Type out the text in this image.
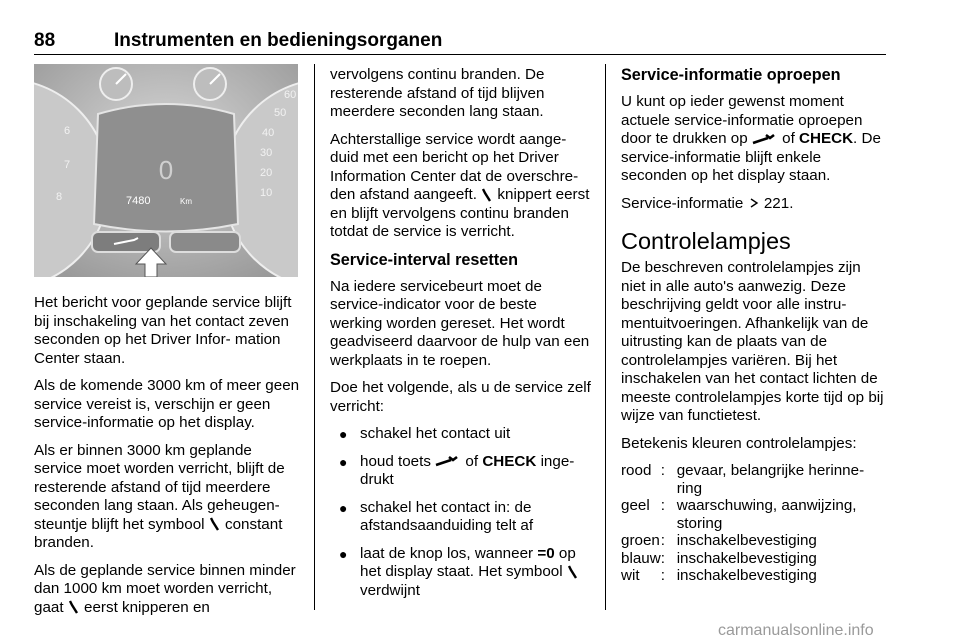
88	Instrumenten en bedieningsorganen
6
7
8
40
30
20
10
50
60
0
7480	Km

Het bericht voor geplande service blijft bij inschakeling van het contact zeven seconden op het Driver Infor- mation Center staan.

Als de komende 3000 km of meer geen service vereist is, verschijn er geen service-informatie op het display.

Als er binnen 3000 km geplande service moet worden verricht, blijft de resterende afstand of tijd meerdere seconden lang staan. Als geheugen- steuntje blijft het symbool constant branden.

Als de geplande service binnen minder dan 1000 km moet worden verricht, gaat eerst knipperen en

vervolgens continu branden. De resterende afstand of tijd blijven meerdere seconden lang staan.

Achterstallige service wordt aange- duid met een bericht op het Driver Information Center dat de overschre- den afstand aangeeft. knippert eerst en blijft vervolgens continu branden totdat de service is verricht.

Service-interval resetten

Na iedere servicebeurt moet de service-indicator voor de beste werking worden gereset. Het wordt geadviseerd daarvoor de hulp van een werkplaats in te roepen.

Doe het volgende, als u de service zelf verricht:

● schakel het contact uit
● houd toets of CHECK inge- drukt
● schakel het contact in: de afstandsaanduiding telt af
● laat de knop los, wanneer =0 op het display staat. Het symbool  verdwijnt
Service-informatie oproepen

U kunt op ieder gewenst moment actuele service-informatie oproepen door te drukken op of CHECK. De service-informatie blijft enkele seconden op het display staan.

Service-informatie 221.

Controlelampjes

De beschreven controlelampjes zijn niet in alle auto's aanwezig. Deze beschrijving geldt voor alle instru- mentuitvoeringen. Afhankelijk van de uitrusting kan de plaats van de controlelampjes variëren. Bij het inschakelen van het contact lichten de meeste controlelampjes korte tijd op bij wijze van functietest.

Betekenis kleuren controlelampjes:

rood	:	gevaar, belangrijke herinne- ring
geel	:	waarschuwing, aanwijzing, storing
groen	:	inschakelbevestiging
blauw	:	inschakelbevestiging
wit	:	inschakelbevestiging
carmanualsonline.info
